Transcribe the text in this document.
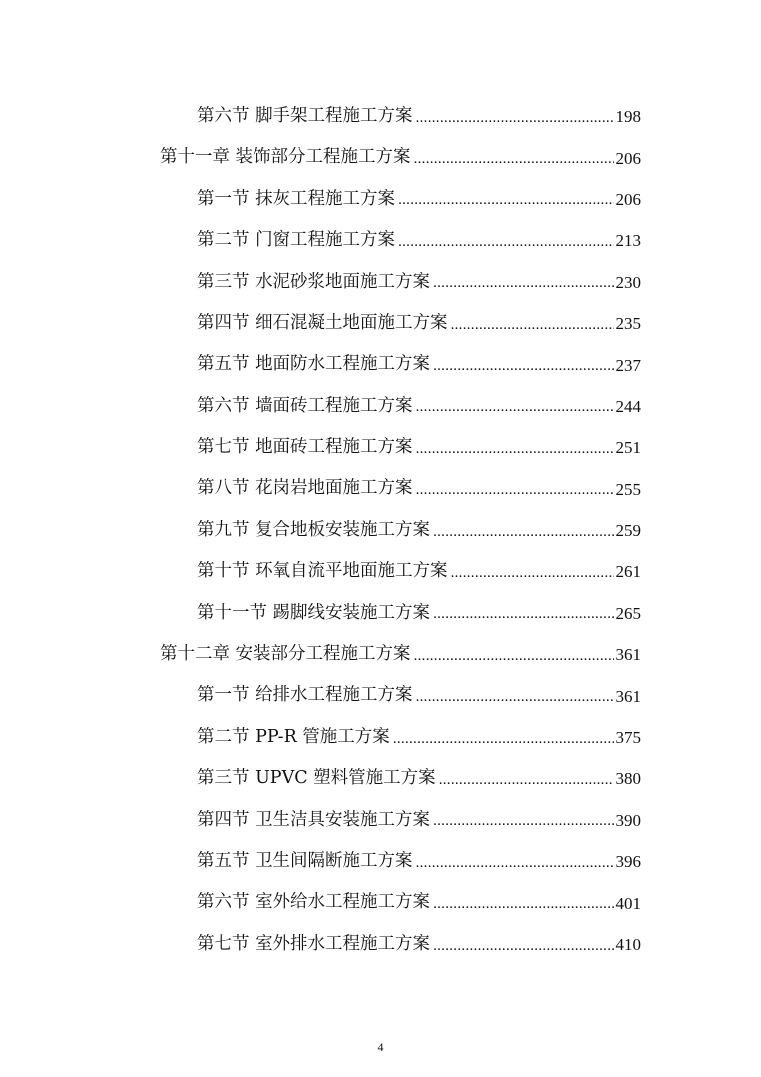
第六节 脚手架工程施工方案 .....	198
第十一章 装饰部分工程施工方案 .....	206
第一节 抹灰工程施工方案 .....	206
第二节 门窗工程施工方案 .....	213
第三节 水泥砂浆地面施工方案 .....	230
第四节 细石混凝土地面施工方案 .....	235
第五节 地面防水工程施工方案 .....	237
第六节 墙面砖工程施工方案 .....	244
第七节 地面砖工程施工方案 .....	251
第八节 花岗岩地面施工方案 .....	255
第九节 复合地板安装施工方案 .....	259
第十节 环氧自流平地面施工方案 .....	261
第十一节 踢脚线安装施工方案 .....	265
第十二章 安装部分工程施工方案 .....	361
第一节 给排水工程施工方案 .....	361
第二节 PP-R 管施工方案 .....	375
第三节 UPVC 塑料管施工方案 .....	380
第四节 卫生洁具安装施工方案 .....	390
第五节 卫生间隔断施工方案 .....	396
第六节 室外给水工程施工方案 .....	401
第七节 室外排水工程施工方案 .....	410
4
